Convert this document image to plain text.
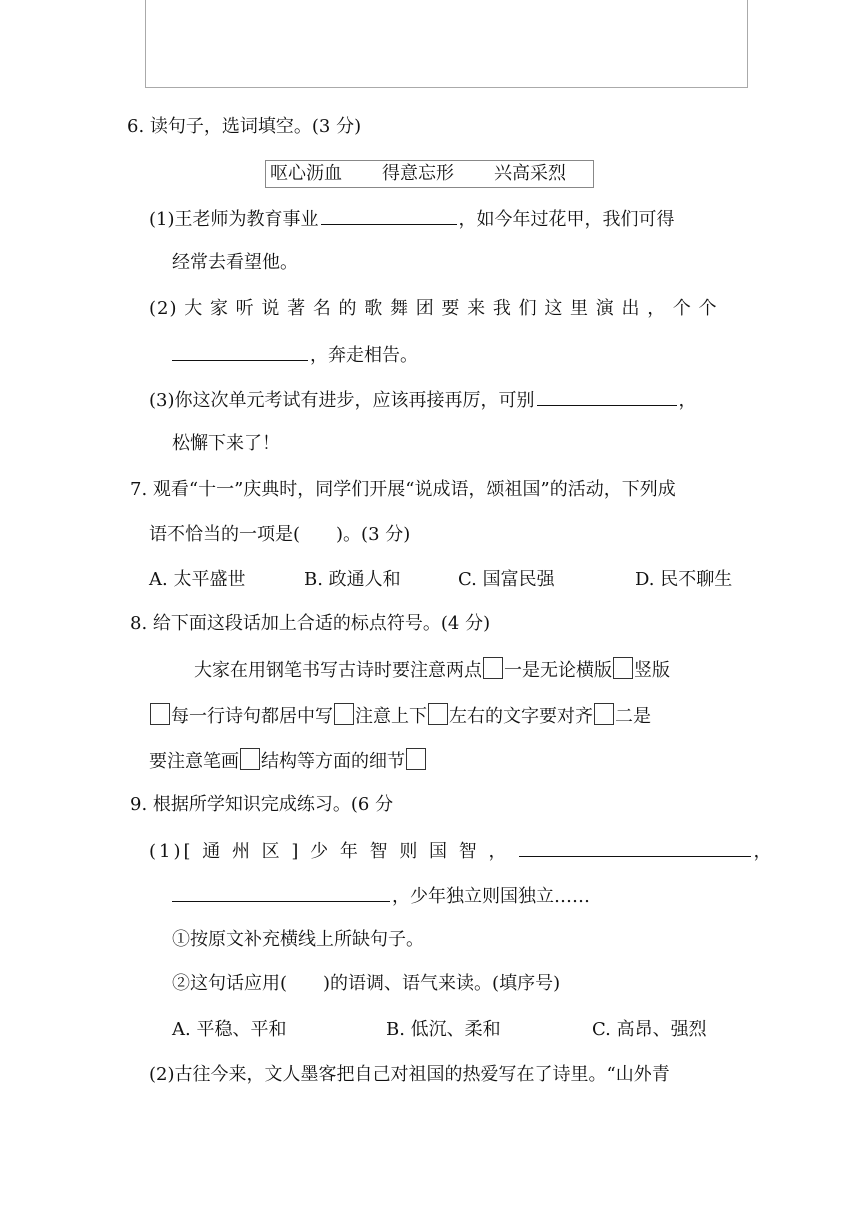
6. 读句子，选词填空。(3 分)
呕心沥血 得意忘形 兴高采烈
(1)王老师为教育事业	，如今年过花甲，我们可得
经常去看望他。
(2) 大 家 听 说 著 名 的 歌 舞 团 要 来 我 们 这 里 演 出 ， 个 个
，奔走相告。
(3)你这次单元考试有进步，应该再接再厉，可别	，
松懈下来了！
7. 观看“十一”庆典时，同学们开展“说成语，颂祖国”的活动，下列成
语不恰当的一项是(　　)。(3 分)
A. 太平盛世	B. 政通人和	C. 国富民强	D. 民不聊生
8. 给下面这段话加上合适的标点符号。(4 分)
大家在用钢笔书写古诗时要注意两点 一是无论横版 竖版
每一行诗句都居中写 注意上下 左右的文字要对齐 二是
要注意笔画 结构等方面的细节
9. 根据所学知识完成练习。(6 分
(1)[ 通 州 区 ] 少 年 智 则 国 智 ，	，
，少年独立则国独立……
①按原文补充横线上所缺句子。
②这句话应用(　　)的语调、语气来读。(填序号)
A. 平稳、平和	B. 低沉、柔和	C. 高昂、强烈
(2)古往今来，文人墨客把自己对祖国的热爱写在了诗里。“山外青
